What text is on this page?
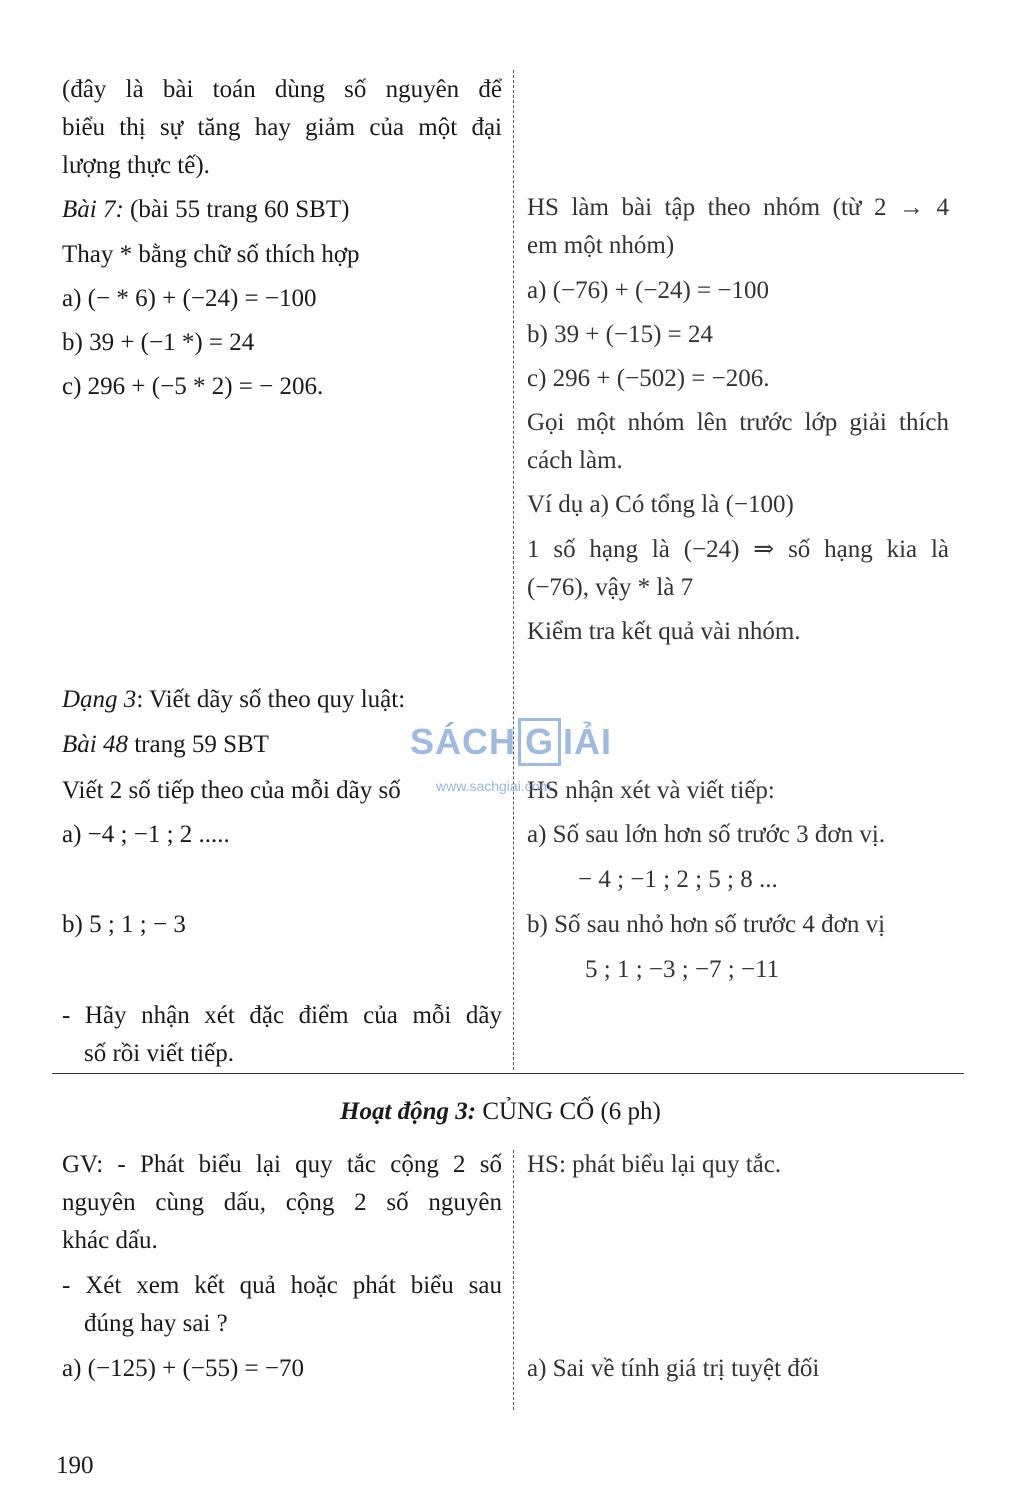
(đây là bài toán dùng số nguyên để
biểu thị sự tăng hay giảm của một đại
lượng thực tế).
Bài 7: (bài 55 trang 60 SBT)
Thay * bằng chữ số thích hợp
a) (− * 6) + (−24) = −100
b) 39 + (−1 *) = 24
c) 296 + (−5 * 2) = − 206.
Dạng 3: Viết dãy số theo quy luật:
Bài 48 trang 59 SBT
Viết 2 số tiếp theo của mỗi dãy số
a) −4 ; −1 ; 2 .....
b) 5 ; 1 ; − 3
- Hãy nhận xét đặc điểm của mỗi dãy
số rồi viết tiếp.
HS làm bài tập theo nhóm (từ 2 → 4
em một nhóm)
a) (−76) + (−24) = −100
b) 39 + (−15) = 24
c) 296 + (−502) = −206.
Gọi một nhóm lên trước lớp giải thích
cách làm.
Ví dụ a) Có tổng là (−100)
1 số hạng là (−24) ⇒ số hạng kia là
(−76), vậy * là 7
Kiểm tra kết quả vài nhóm.
HS nhận xét và viết tiếp:
a) Số sau lớn hơn số trước 3 đơn vị.
− 4 ; −1 ; 2 ; 5 ; 8 ...
b) Số sau nhỏ hơn số trước 4 đơn vị
5 ; 1 ; −3 ; −7 ; −11
Hoạt động 3: CỦNG CỐ (6 ph)
GV: - Phát biểu lại quy tắc cộng 2 số
nguyên cùng dấu, cộng 2 số nguyên
khác dấu.
- Xét xem kết quả hoặc phát biểu sau
đúng hay sai ?
a) (−125) + (−55) = −70
HS: phát biểu lại quy tắc.
a) Sai về tính giá trị tuyệt đối
SÁCH G IẢI
www.sachgiai.com
190
